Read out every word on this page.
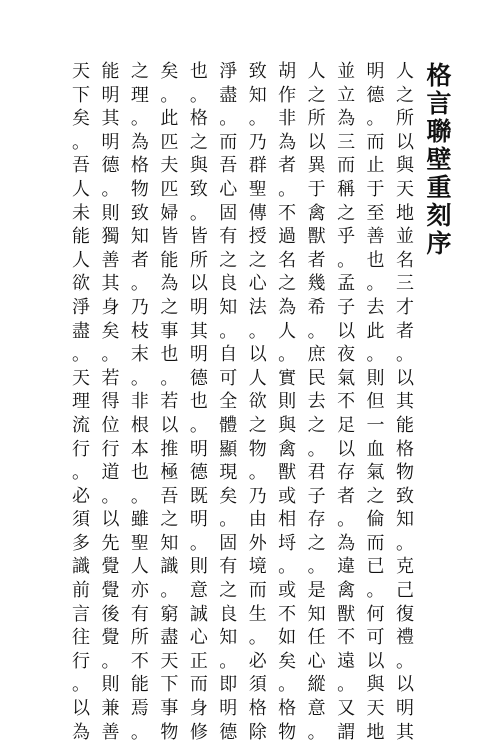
格
言
聯
壁
重
刻
序
人
之
所
以
與
天
地
並
名
三
才
者
。
以
其
能
格
物
致
知
。
克
己
復
禮
。
以
明
其
明
德
。
而
止
于
至
善
也
。
去
此
。
則
但
一
血
氣
之
倫
而
已
。
何
可
以
與
天
地
並
立
為
三
而
稱
之
乎
。
孟
子
以
夜
氣
不
足
以
存
者
。
為
違
禽
獸
不
遠
。
又
謂
人
之
所
以
異
于
禽
獸
者
幾
希
。
庶
民
去
之
。
君
子
存
之
。
是
知
任
心
縱
意
。
胡
作
非
為
者
。
不
過
名
之
為
人
。
實
則
與
禽
獸
或
相
埒
。
或
不
如
矣
。
格
物
致
知
。
乃
群
聖
傳
授
之
心
法
。
以
人
欲
之
物
。
乃
由
外
境
而
生
。
必
須
格
除
淨
盡
。
而
吾
心
固
有
之
良
知
。
自
可
全
體
顯
現
矣
。
固
有
之
良
知
。
即
明
德
也
。
格
之
與
致
。
皆
所
以
明
其
明
德
也
。
明
德
既
明
。
則
意
誠
心
正
而
身
修
矣
。
此
匹
夫
匹
婦
皆
能
為
之
事
也
。
若
以
推
極
吾
之
知
識
。
窮
盡
天
下
事
物
之
理
。
為
格
物
致
知
者
。
乃
枝
末
。
非
根
本
也
。
雖
聖
人
亦
有
所
不
能
焉
。
能
明
其
明
德
。
則
獨
善
其
身
矣
。
若
得
位
行
道
。
以
先
覺
覺
後
覺
。
則
兼
善
天
下
矣
。
吾
人
未
能
人
欲
淨
盡
。
天
理
流
行
。
必
須
多
識
前
言
往
行
。
以
為
